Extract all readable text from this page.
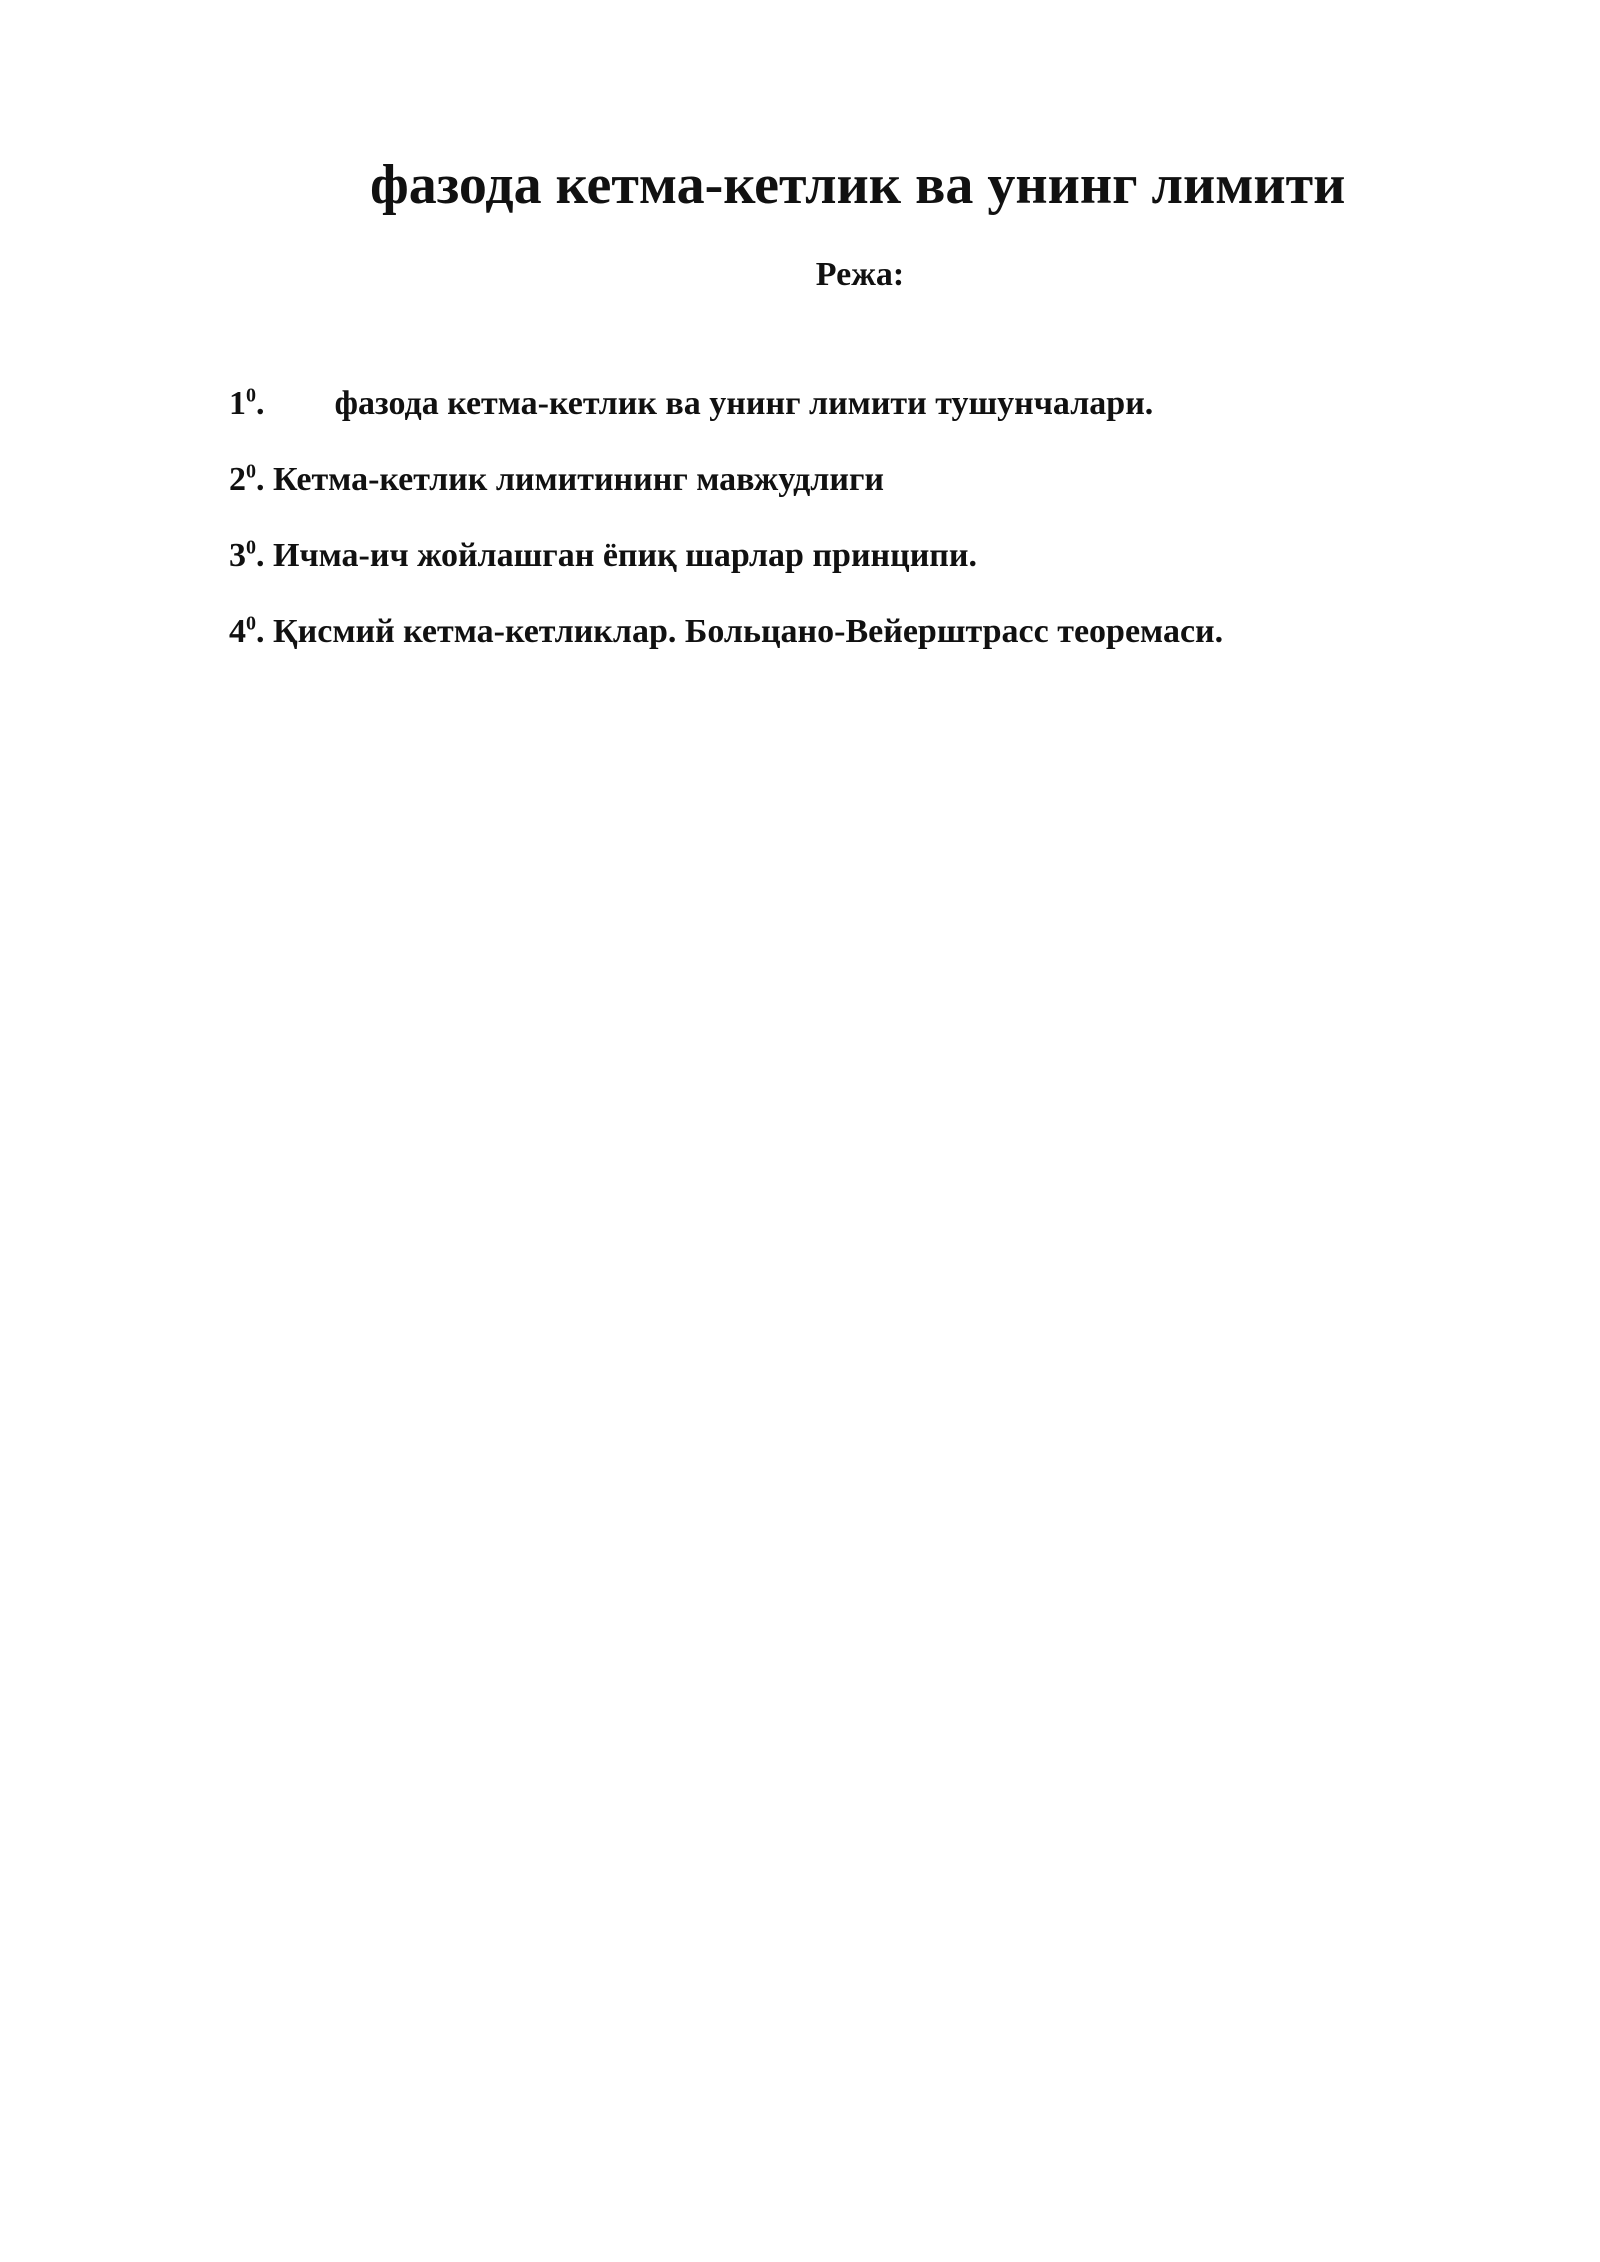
фазода кетма-кетлик ва унинг лимити
Режа:
$1^0$. фазода кетма-кетлик ва унинг лимити тушунчалари.
$2^0$. Кетма-кетлик лимитининг мавжудлиги
$3^0$. Ичма-ич жойлашган ёпиқ шарлар принципи.
$4^0$. Қисмий кетма-кетликлар. Больцано-Вейерштрасс теоремаси.
